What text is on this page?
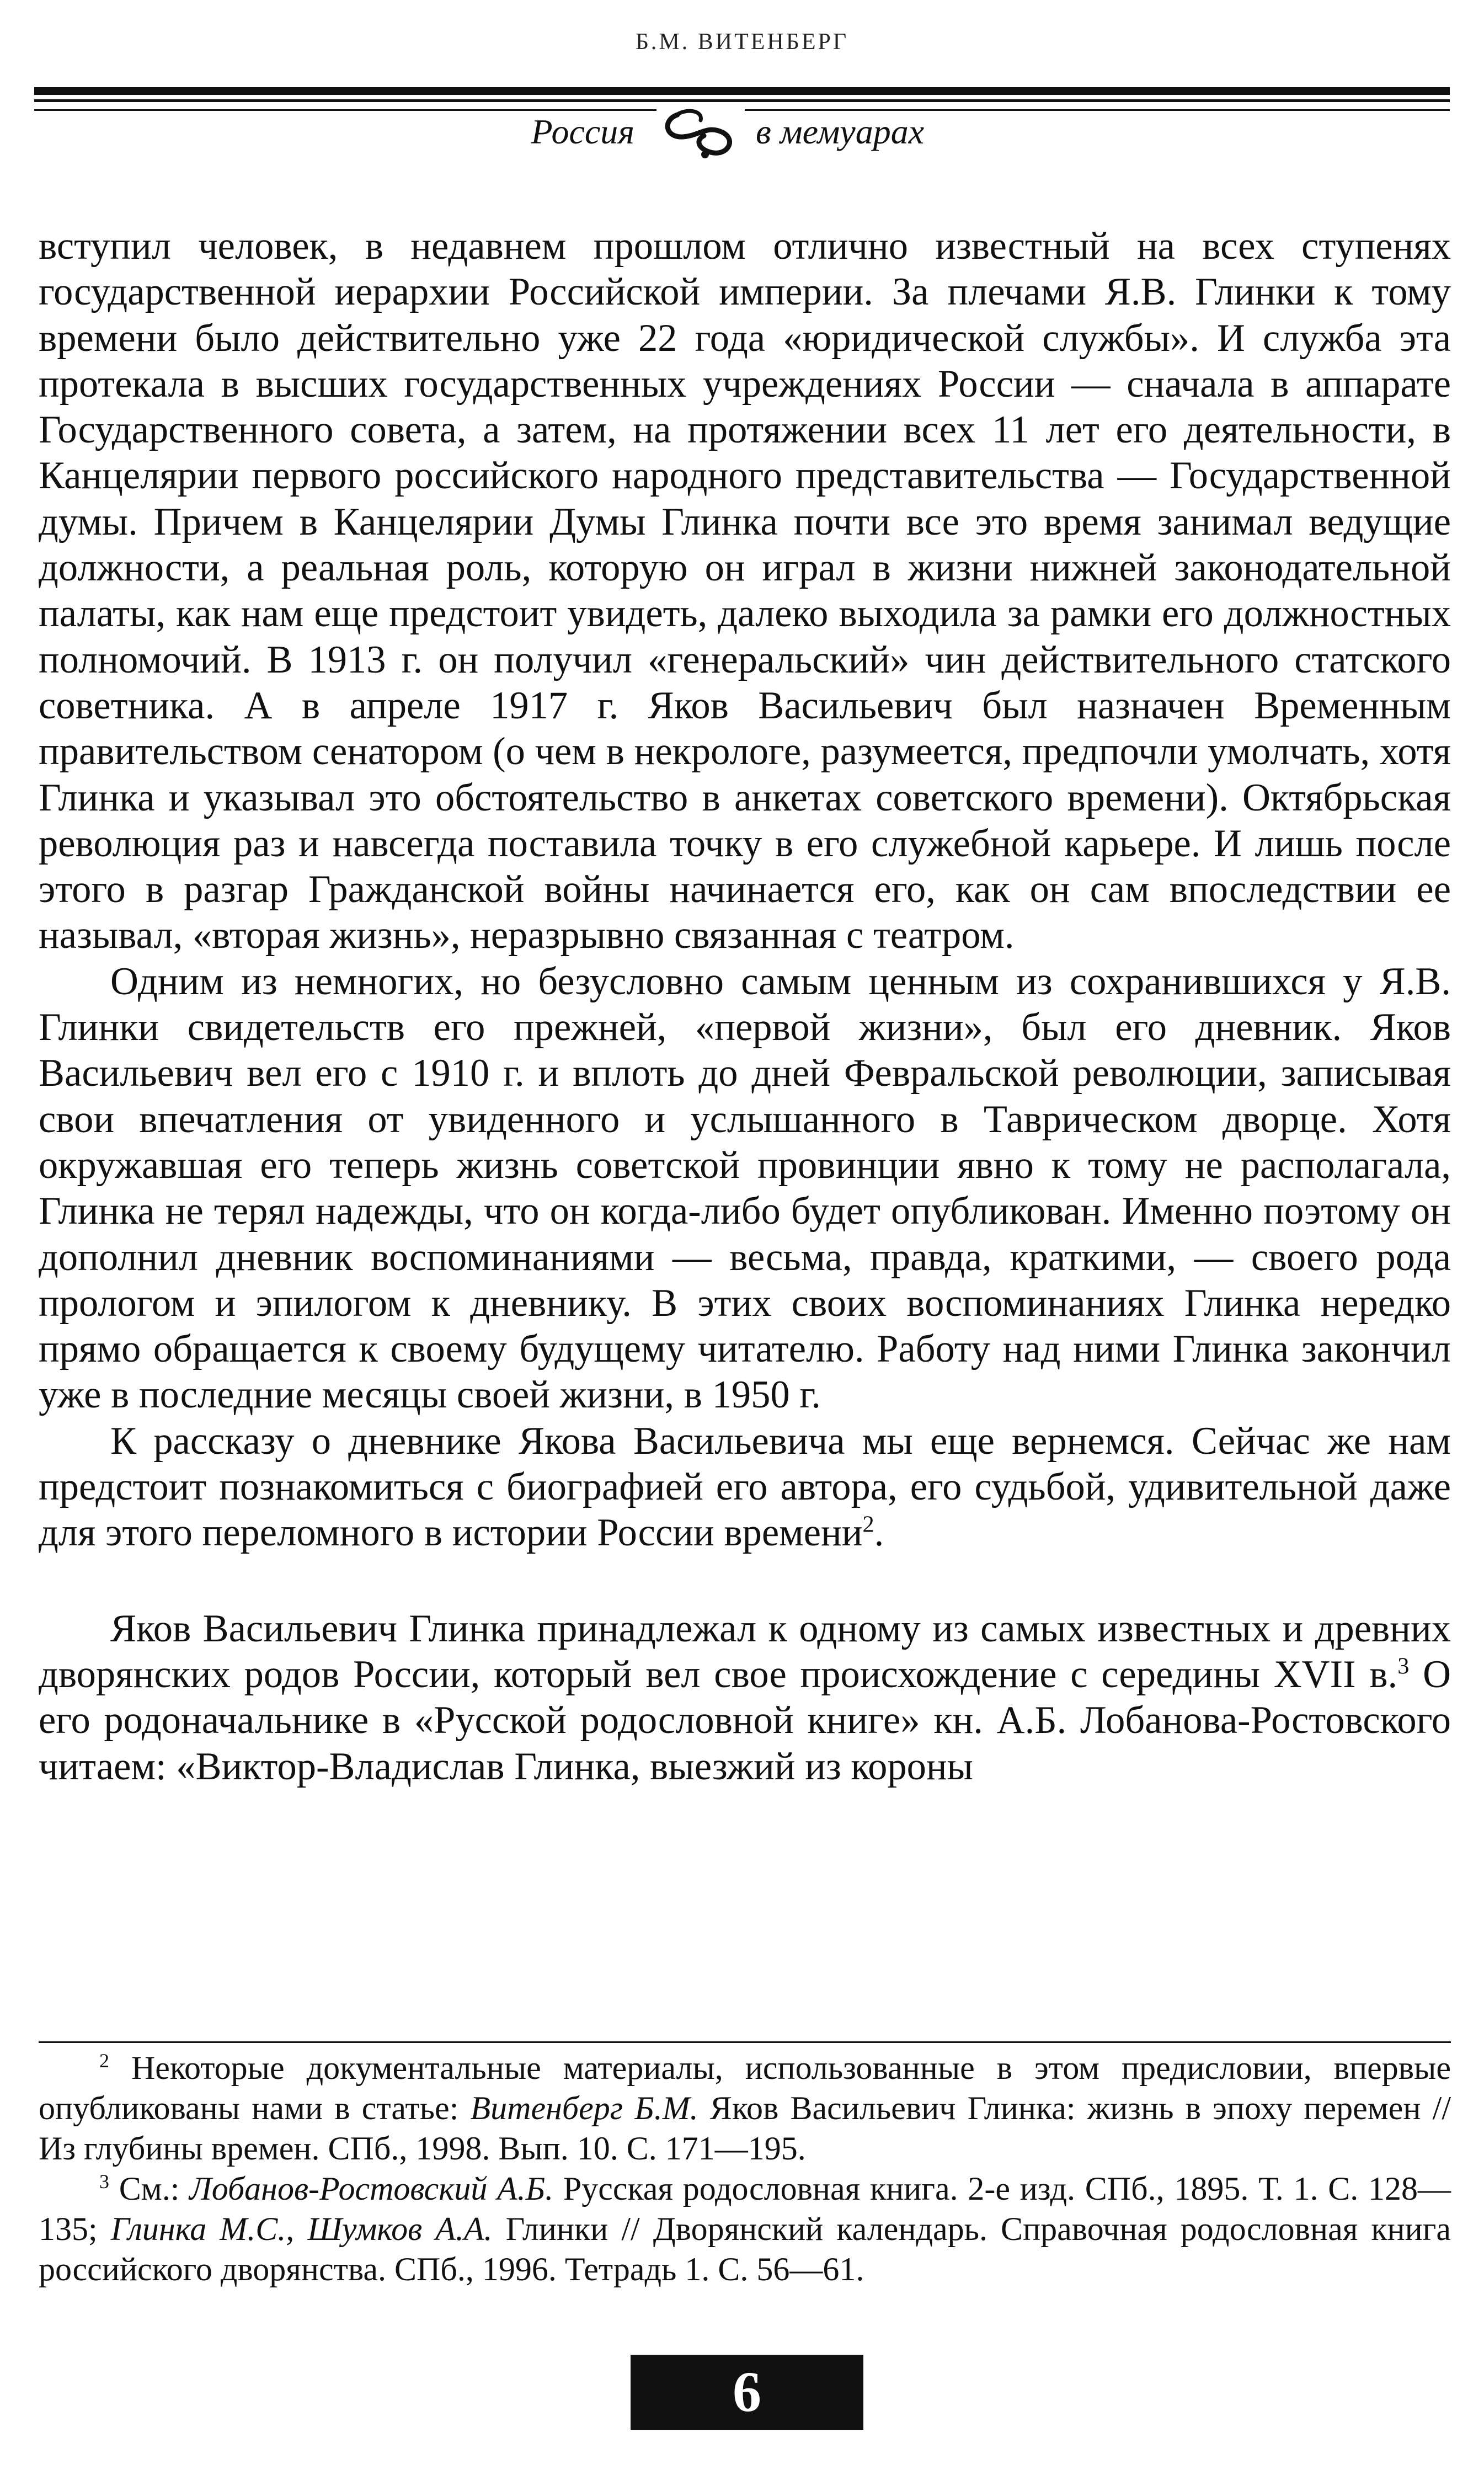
Б.М. ВИТЕНБЕРГ
Россия	в мемуарах

вступил человек, в недавнем прошлом отлично известный на всех ступенях государственной иерархии Российской империи. За плечами Я.В. Глинки к тому времени было действительно уже 22 года «юридической службы». И служба эта протекала в высших государственных учреждениях России — сначала в аппарате Государственного совета, а затем, на протяжении всех 11 лет его деятельности, в Канцелярии первого российского народного представительства — Государственной думы. Причем в Канцелярии Думы Глинка почти все это время занимал ведущие должности, а реальная роль, которую он играл в жизни нижней законодательной палаты, как нам еще предстоит увидеть, далеко выходила за рамки его должностных полномочий. В 1913 г. он получил «генеральский» чин действительного статского советника. А в апреле 1917 г. Яков Васильевич был назначен Временным правительством сенатором (о чем в некрологе, разумеется, предпочли умолчать, хотя Глинка и указывал это обстоятельство в анкетах советского времени). Октябрьская революция раз и навсегда поставила точку в его служебной карьере. И лишь после этого в разгар Гражданской войны начинается его, как он сам впоследствии ее называл, «вторая жизнь», неразрывно связанная с театром.

Одним из немногих, но безусловно самым ценным из сохранившихся у Я.В. Глинки свидетельств его прежней, «первой жизни», был его дневник. Яков Васильевич вел его с 1910 г. и вплоть до дней Февральской революции, записывая свои впечатления от увиденного и услышанного в Таврическом дворце. Хотя окружавшая его теперь жизнь советской провинции явно к тому не располагала, Глинка не терял надежды, что он когда-либо будет опубликован. Именно поэтому он дополнил дневник воспоминаниями — весьма, правда, краткими, — своего рода прологом и эпилогом к дневнику. В этих своих воспоминаниях Глинка нередко прямо обращается к своему будущему читателю. Работу над ними Глинка закончил уже в последние месяцы своей жизни, в 1950 г.

К рассказу о дневнике Якова Васильевича мы еще вернемся. Сейчас же нам предстоит познакомиться с биографией его автора, его судьбой, удивительной даже для этого переломного в истории России времени$^2$.

Яков Васильевич Глинка принадлежал к одному из самых известных и древних дворянских родов России, который вел свое происхождение с середины XVII в.$^3$ О его родоначальнике в «Русской родословной книге» кн. А.Б. Лобанова-Ростовского читаем: «Виктор-Владислав Глинка, выезжий из короны

$^2$ Некоторые документальные материалы, использованные в этом предисловии, впервые опубликованы нами в статье: Витенберг Б.М. Яков Васильевич Глинка: жизнь в эпоху перемен // Из глубины времен. СПб., 1998. Вып. 10. С. 171—195.

$^3$ См.: Лобанов-Ростовский А.Б. Русская родословная книга. 2-е изд. СПб., 1895. Т. 1. С. 128—135; Глинка М.С., Шумков А.А. Глинки // Дворянский календарь. Справочная родословная книга российского дворянства. СПб., 1996. Тетрадь 1. С. 56—61.

6
